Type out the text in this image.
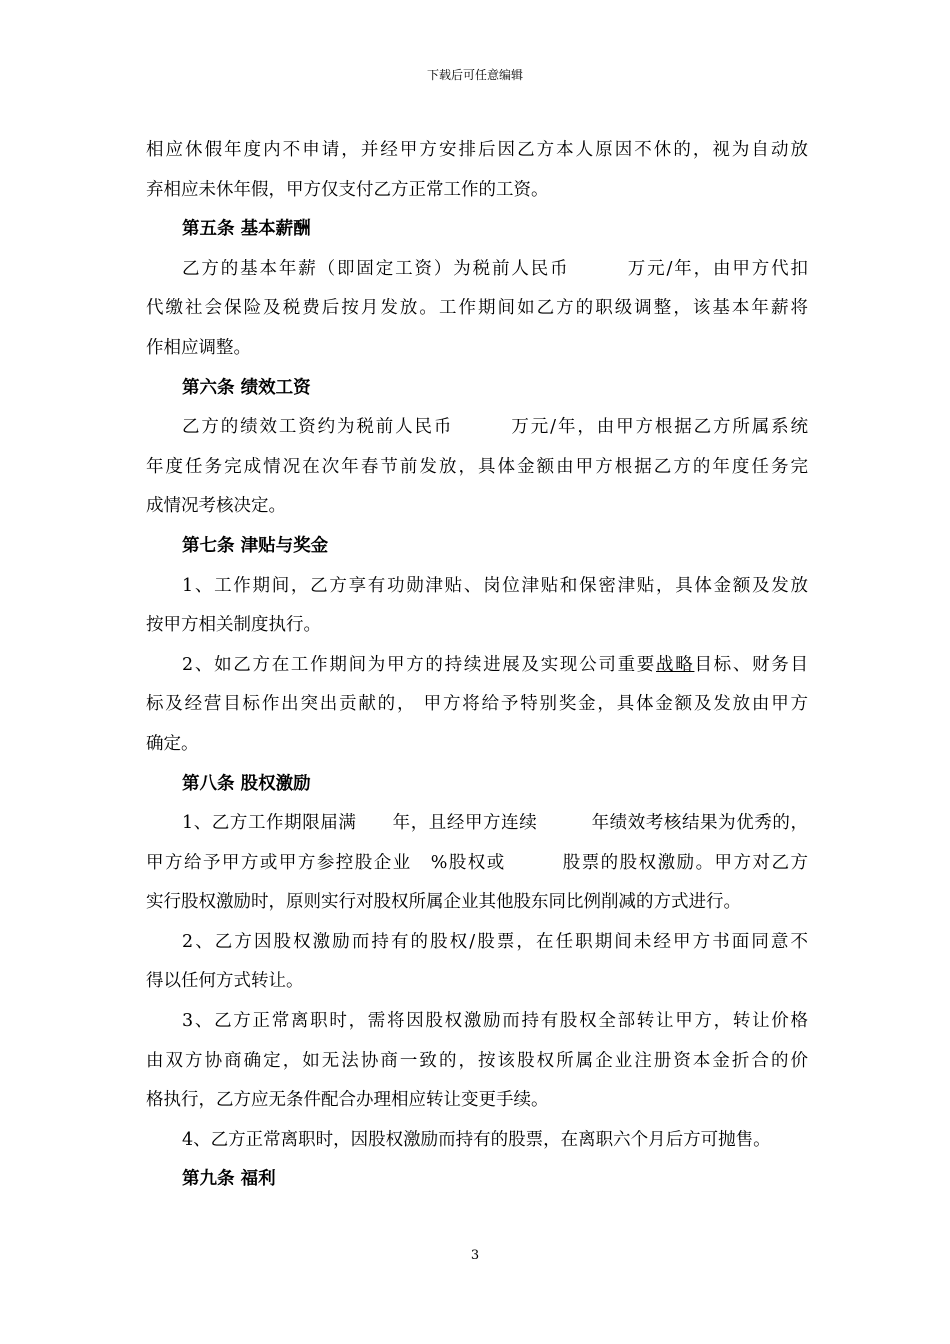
下载后可任意编辑
相应休假年度内不申请，并经甲方安排后因乙方本人原因不休的，视为自动放
弃相应未休年假，甲方仅支付乙方正常工作的工资。
第五条 基本薪酬
乙方的基本年薪（即固定工资）为税前人民币　　　万元/年，由甲方代扣
代缴社会保险及税费后按月发放。工作期间如乙方的职级调整，该基本年薪将
作相应调整。
第六条 绩效工资
乙方的绩效工资约为税前人民币　　　万元/年，由甲方根据乙方所属系统
年度任务完成情况在次年春节前发放，具体金额由甲方根据乙方的年度任务完
成情况考核决定。
第七条 津贴与奖金
1、工作期间，乙方享有功勋津贴、岗位津贴和保密津贴，具体金额及发放
按甲方相关制度执行。
2、如乙方在工作期间为甲方的持续进展及实现公司重要战略目标、财务目
标及经营目标作出突出贡献的， 甲方将给予特别奖金，具体金额及发放由甲方
确定。
第八条 股权激励
1、乙方工作期限届满　　年，且经甲方连续　　　年绩效考核结果为优秀的，
甲方给予甲方或甲方参控股企业　%股权或　　　股票的股权激励。甲方对乙方
实行股权激励时，原则实行对股权所属企业其他股东同比例削减的方式进行。
2、乙方因股权激励而持有的股权/股票，在任职期间未经甲方书面同意不
得以任何方式转让。
3、乙方正常离职时，需将因股权激励而持有股权全部转让甲方，转让价格
由双方协商确定，如无法协商一致的，按该股权所属企业注册资本金折合的价
格执行，乙方应无条件配合办理相应转让变更手续。
4、乙方正常离职时，因股权激励而持有的股票，在离职六个月后方可抛售。
第九条 福利
3
